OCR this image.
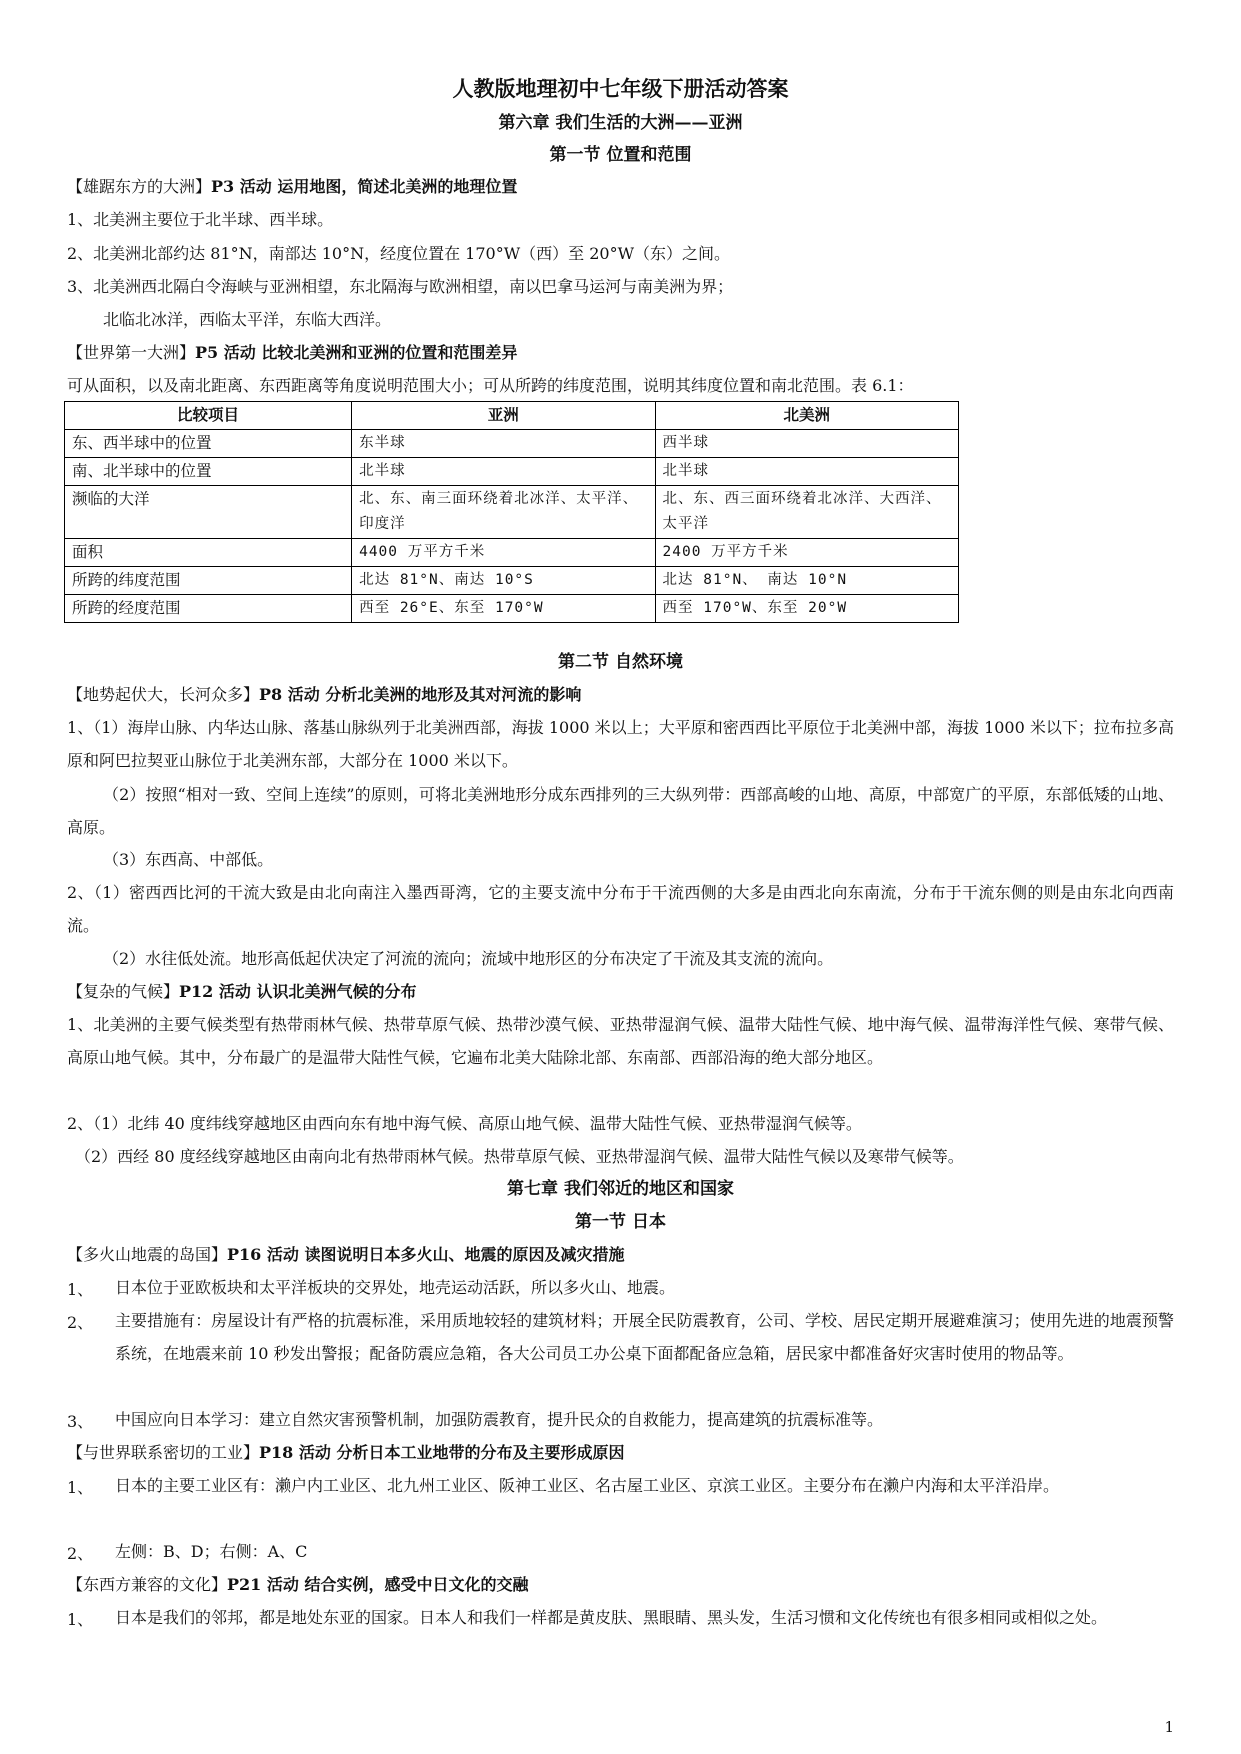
人教版地理初中七年级下册活动答案
第六章 我们生活的大洲——亚洲
第一节 位置和范围
【雄踞东方的大洲】P3 活动 运用地图，简述北美洲的地理位置
1、北美洲主要位于北半球、西半球。
2、北美洲北部约达 81°N，南部达 10°N，经度位置在 170°W（西）至 20°W（东）之间。
3、北美洲西北隔白令海峡与亚洲相望，东北隔海与欧洲相望，南以巴拿马运河与南美洲为界；
北临北冰洋，西临太平洋，东临大西洋。
【世界第一大洲】P5 活动 比较北美洲和亚洲的位置和范围差异
可从面积，以及南北距离、东西距离等角度说明范围大小；可从所跨的纬度范围，说明其纬度位置和南北范围。表 6.1：
比较项目	亚洲	北美洲
东、西半球中的位置	东半球	西半球
南、北半球中的位置	北半球	北半球
濒临的大洋	北、东、南三面环绕着北冰洋、太平洋、印度洋	北、东、西三面环绕着北冰洋、大西洋、太平洋
面积	4400 万平方千米	2400 万平方千米
所跨的纬度范围	北达 81°N、南达 10°S	北达 81°N、 南达 10°N
所跨的经度范围	西至 26°E、东至 170°W	西至 170°W、东至 20°W
第二节 自然环境
【地势起伏大，长河众多】P8 活动 分析北美洲的地形及其对河流的影响
1、（1）海岸山脉、内华达山脉、落基山脉纵列于北美洲西部，海拔 1000 米以上；大平原和密西西比平原位于北美洲中部，海拔 1000 米以下；拉布拉多高原和阿巴拉契亚山脉位于北美洲东部，大部分在 1000 米以下。
（2）按照“相对一致、空间上连续”的原则，可将北美洲地形分成东西排列的三大纵列带：西部高峻的山地、高原，中部宽广的平原，东部低矮的山地、高原。
（3）东西高、中部低。
2、（1）密西西比河的干流大致是由北向南注入墨西哥湾，它的主要支流中分布于干流西侧的大多是由西北向东南流，分布于干流东侧的则是由东北向西南流。
（2）水往低处流。地形高低起伏决定了河流的流向；流域中地形区的分布决定了干流及其支流的流向。
【复杂的气候】P12 活动 认识北美洲气候的分布
1、北美洲的主要气候类型有热带雨林气候、热带草原气候、热带沙漠气候、亚热带湿润气候、温带大陆性气候、地中海气候、温带海洋性气候、寒带气候、高原山地气候。其中，分布最广的是温带大陆性气候，它遍布北美大陆除北部、东南部、西部沿海的绝大部分地区。
2、（1）北纬 40 度纬线穿越地区由西向东有地中海气候、高原山地气候、温带大陆性气候、亚热带湿润气候等。
（2）西经 80 度经线穿越地区由南向北有热带雨林气候。热带草原气候、亚热带湿润气候、温带大陆性气候以及寒带气候等。
第七章 我们邻近的地区和国家
第一节 日本
【多火山地震的岛国】P16 活动 读图说明日本多火山、地震的原因及减灾措施
1、 日本位于亚欧板块和太平洋板块的交界处，地壳运动活跃，所以多火山、地震。
2、 主要措施有：房屋设计有严格的抗震标准，采用质地较轻的建筑材料；开展全民防震教育，公司、学校、居民定期开展避难演习；使用先进的地震预警系统，在地震来前 10 秒发出警报；配备防震应急箱，各大公司员工办公桌下面都配备应急箱，居民家中都准备好灾害时使用的物品等。
3、 中国应向日本学习：建立自然灾害预警机制，加强防震教育，提升民众的自救能力，提高建筑的抗震标准等。
【与世界联系密切的工业】P18 活动 分析日本工业地带的分布及主要形成原因
1、 日本的主要工业区有：濑户内工业区、北九州工业区、阪神工业区、名古屋工业区、京滨工业区。主要分布在濑户内海和太平洋沿岸。
2、 左侧：B、D；右侧：A、C
【东西方兼容的文化】P21 活动 结合实例，感受中日文化的交融
1、 日本是我们的邻邦，都是地处东亚的国家。日本人和我们一样都是黄皮肤、黑眼睛、黑头发，生活习惯和文化传统也有很多相同或相似之处。
1
